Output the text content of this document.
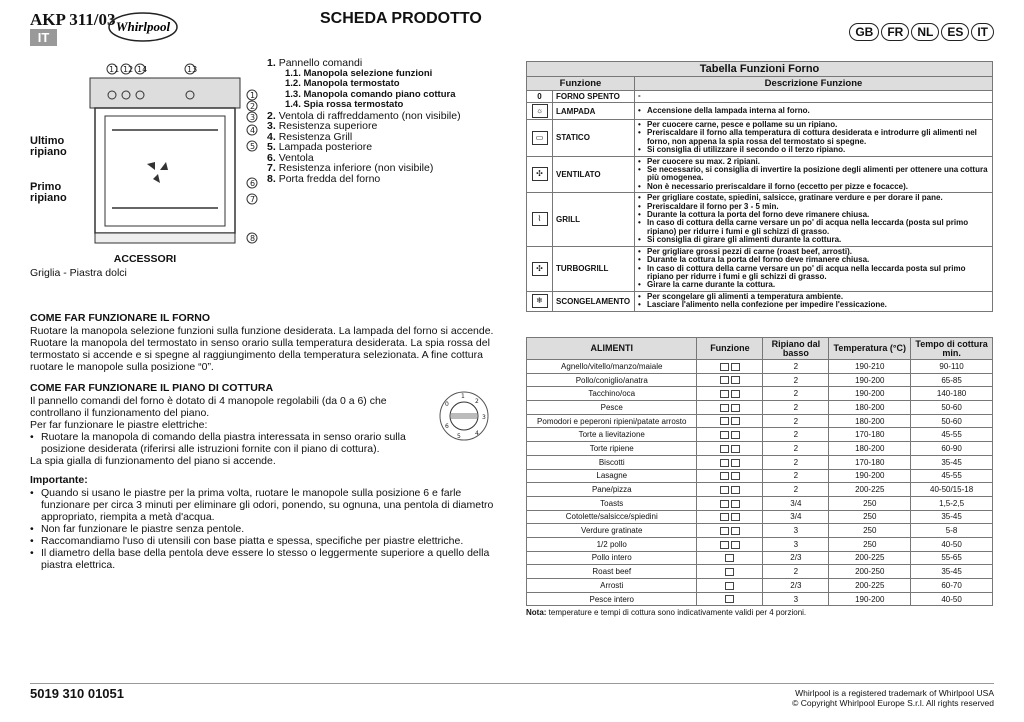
AKP 311/03
IT
Whirlpool	SCHEDA PRODOTTO
GB	FR	NL	ES	IT
11 12 14	13
1
2
3
4
5
6
7
8
Ultimo ripiano
Primo ripiano
1. Pannello comandi
1.1. Manopola selezione funzioni
1.2. Manopola termostato
1.3. Manopola comando piano cottura
1.4. Spia rossa termostato
2. Ventola di raffreddamento (non visibile)
3. Resistenza superiore
4. Resistenza Grill
5. Lampada posteriore
6. Ventola
7. Resistenza inferiore (non visibile)
8. Porta fredda del forno
ACCESSORI
Griglia - Piastra dolci
COME FAR FUNZIONARE IL FORNO
Ruotare la manopola selezione funzioni sulla funzione desiderata. La lampada del forno si accende. Ruotare la manopola del termostato in senso orario sulla temperatura desiderata. La spia rossa del termostato si accende e si spegne al raggiungimento della temperatura selezionata. A fine cottura ruotare le manopole sulla posizione “0”.
COME FAR FUNZIONARE IL PIANO DI COTTURA
Il pannello comandi del forno è dotato di 4 manopole regolabili (da 0 a 6) che controllano il funzionamento del piano.
Per far funzionare le piastre elettriche:
• Ruotare la manopola di comando della piastra interessata in senso orario sulla posizione desiderata (riferirsi alle istruzioni fornite con il piano di cottura).
La spia gialla di funzionamento del piano si accende.
1
2
3
4
5
6
0
Importante:
• Quando si usano le piastre per la prima volta, ruotare le manopole sulla posizione 6 e farle funzionare per circa 3 minuti per eliminare gli odori, ponendo, su ognuna, una pentola di diametro appropriato, riempita a metà d'acqua.
• Non far funzionare le piastre senza pentole.
• Raccomandiamo l'uso di utensili con base piatta e spessa, specifiche per piastre elettriche.
• Il diametro della base della pentola deve essere lo stesso o leggermente superiore a quello della piastra elettrica.
Tabella Funzioni Forno		
Funzione		Descrizione Funzione
0	FORNO SPENTO	-

☼	LAMPADA	• Accensione della lampada interna al forno.

▭	STATICO	• Per cuocere carne, pesce e pollame su un ripiano.
• Preriscaldare il forno alla temperatura di cottura desiderata e introdurre gli alimenti nel forno, non appena la spia rossa del termostato si spegne.
• Si consiglia di utilizzare il secondo o il terzo ripiano.

✣	VENTILATO	• Per cuocere su max. 2 ripiani.
• Se necessario, si consiglia di invertire la posizione degli alimenti per ottenere una cottura più omogenea.
• Non è necessario preriscaldare il forno (eccetto per pizze e focacce).

⌇	GRILL	• Per grigliare costate, spiedini, salsicce, gratinare verdure e per dorare il pane.
• Preriscaldare il forno per 3 - 5 min.
• Durante la cottura la porta del forno deve rimanere chiusa.
• In caso di cottura della carne versare un po' di acqua nella leccarda (posta sul primo ripiano) per ridurre i fumi e gli schizzi di grasso.
• Si consiglia di girare gli alimenti durante la cottura.

✣	TURBOGRILL	• Per grigliare grossi pezzi di carne (roast beef, arrosti).
• Durante la cottura la porta del forno deve rimanere chiusa.
• In caso di cottura della carne versare un po' di acqua nella leccarda posta sul primo ripiano per ridurre i fumi e gli schizzi di grasso.
• Girare la carne durante la cottura.

❄	SCONGELAMENTO	• Per scongelare gli alimenti a temperatura ambiente.
• Lasciare l'alimento nella confezione per impedire l'essicazione.
ALIMENTI	Funzione	Ripiano dal basso	Temperatura (°C)	Tempo di cottura min.
Agnello/vitello/manzo/maiale		2	190-210	90-110
Pollo/coniglio/anatra		2	190-200	65-85
Tacchino/oca		2	190-200	140-180
Pesce		2	180-200	50-60
Pomodori e peperoni ripieni/patate arrosto		2	180-200	50-60
Torte a lievitazione		2	170-180	45-55
Torte ripiene		2	180-200	60-90
Biscotti		2	170-180	35-45
Lasagne		2	190-200	45-55
Pane/pizza		2	200-225	40-50/15-18
Toasts		3/4	250	1,5-2,5
Cotolette/salsicce/spiedini		3/4	250	35-45
Verdure gratinate		3	250	5-8
1/2 pollo		3	250	40-50
Pollo intero		2/3	200-225	55-65
Roast beef		2	200-250	35-45
Arrosti		2/3	200-225	60-70
Pesce intero		3	190-200	40-50
Nota: temperature e tempi di cottura sono indicativamente validi per 4 porzioni.
5019 310 01051	Whirlpool is a registered trademark of Whirlpool USA
© Copyright Whirlpool Europe S.r.l. All rights reserved
